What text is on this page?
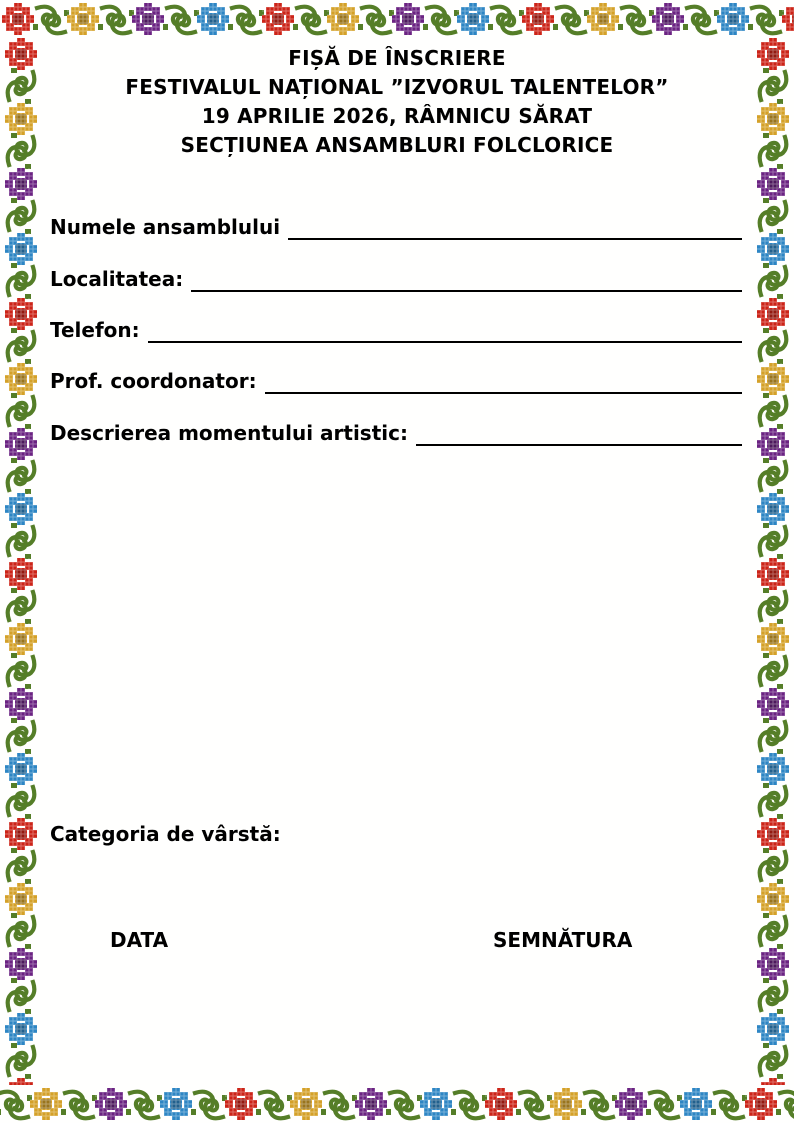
FIȘĂ DE ÎNSCRIERE
FESTIVALUL NAȚIONAL ”IZVORUL TALENTELOR”
19 APRILIE 2026, RÂMNICU SĂRAT
SECȚIUNEA ANSAMBLURI FOLCLORICE
Numele ansamblului
Localitatea:
Telefon:
Prof. coordonator:
Descrierea momentului artistic:
Categoria de vârstă:
DATA	SEMNĂTURA
